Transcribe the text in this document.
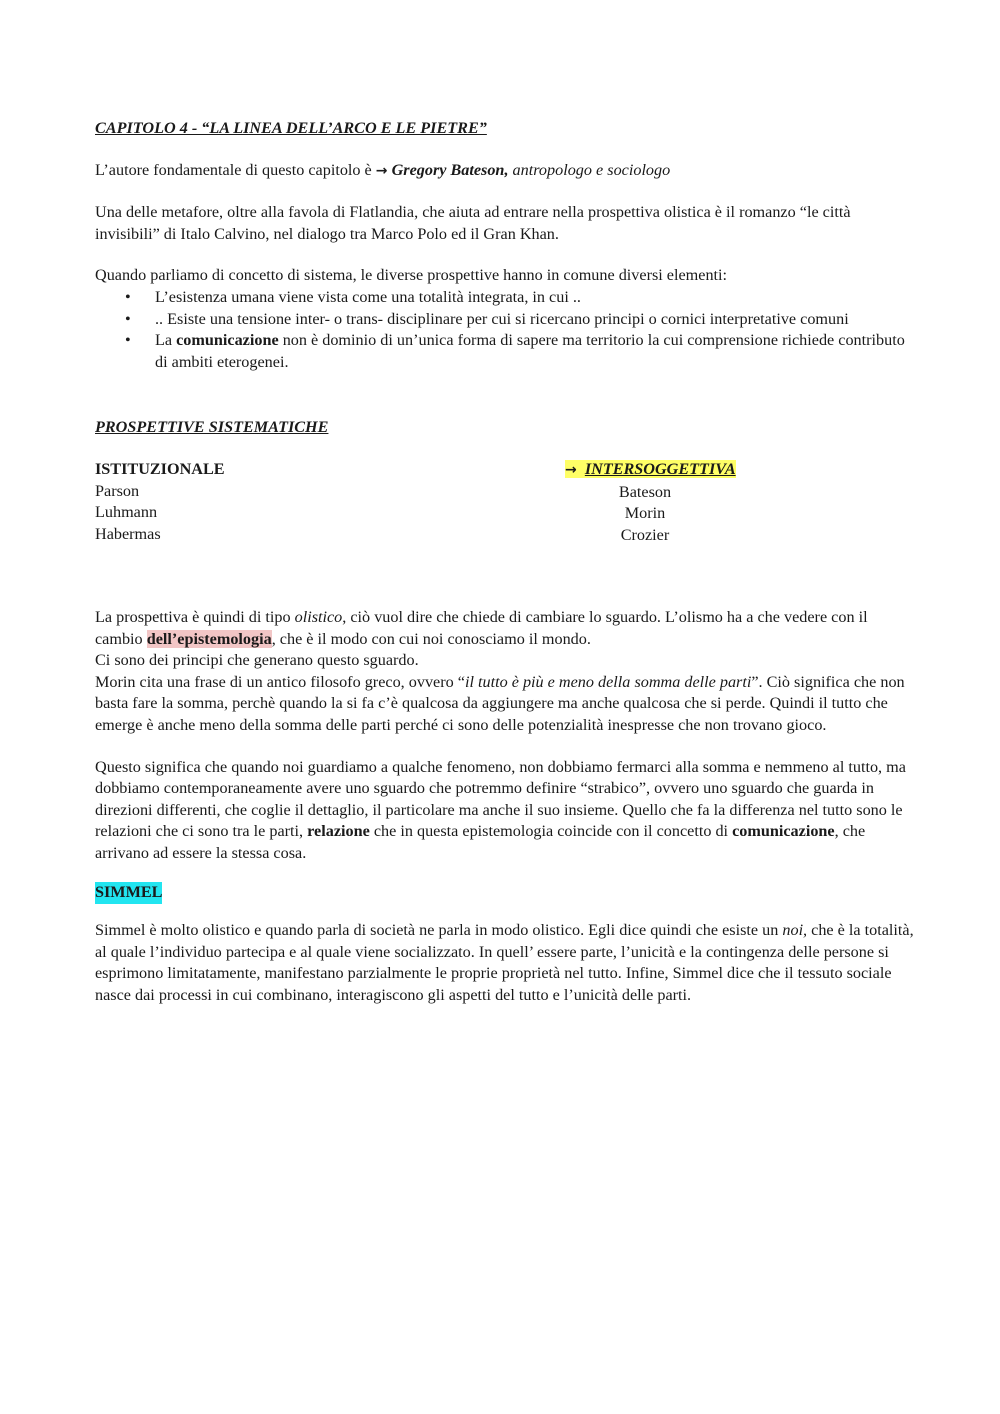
CAPITOLO 4 - “LA LINEA DELL’ARCO E LE PIETRE”

L’autore fondamentale di questo capitolo è → Gregory Bateson, antropologo e sociologo

Una delle metafore, oltre alla favola di Flatlandia, che aiuta ad entrare nella prospettiva olistica è il romanzo “le città invisibili” di Italo Calvino, nel dialogo tra Marco Polo ed il Gran Khan.

Quando parliamo di concetto di sistema, le diverse prospettive hanno in comune diversi elementi:

• L’esistenza umana viene vista come una totalità integrata, in cui ..
• .. Esiste una tensione inter- o trans- disciplinare per cui si ricercano principi o cornici interpretative comuni
• La comunicazione non è dominio di un’unica forma di sapere ma territorio la cui comprensione richiede contributo di ambiti eterogenei.

PROSPETTIVE SISTEMATICHE

ISTITUZIONALE
Parson
Luhmann
Habermas
→ INTERSOGGETTIVA
Bateson
Morin
Crozier

La prospettiva è quindi di tipo olistico, ciò vuol dire che chiede di cambiare lo sguardo. L’olismo ha a che vedere con il cambio dell’epistemologia, che è il modo con cui noi conosciamo il mondo.

Ci sono dei principi che generano questo sguardo.

Morin cita una frase di un antico filosofo greco, ovvero “il tutto è più e meno della somma delle parti”. Ciò significa che non basta fare la somma, perchè quando la si fa c’è qualcosa da aggiungere ma anche qualcosa che si perde. Quindi il tutto che emerge è anche meno della somma delle parti perché ci sono delle potenzialità inespresse che non trovano gioco.

Questo significa che quando noi guardiamo a qualche fenomeno, non dobbiamo fermarci alla somma e nemmeno al tutto, ma dobbiamo contemporaneamente avere uno sguardo che potremmo definire “strabico”, ovvero uno sguardo che guarda in direzioni differenti, che coglie il dettaglio, il particolare ma anche il suo insieme. Quello che fa la differenza nel tutto sono le relazioni che ci sono tra le parti, relazione che in questa epistemologia coincide con il concetto di comunicazione, che arrivano ad essere la stessa cosa.

SIMMEL

Simmel è molto olistico e quando parla di società ne parla in modo olistico. Egli dice quindi che esiste un noi, che è la totalità, al quale l’individuo partecipa e al quale viene socializzato. In quell’ essere parte, l’unicità e la contingenza delle persone si esprimono limitatamente, manifestano parzialmente le proprie proprietà nel tutto. Infine, Simmel dice che il tessuto sociale nasce dai processi in cui combinano, interagiscono gli aspetti del tutto e l’unicità delle parti.
